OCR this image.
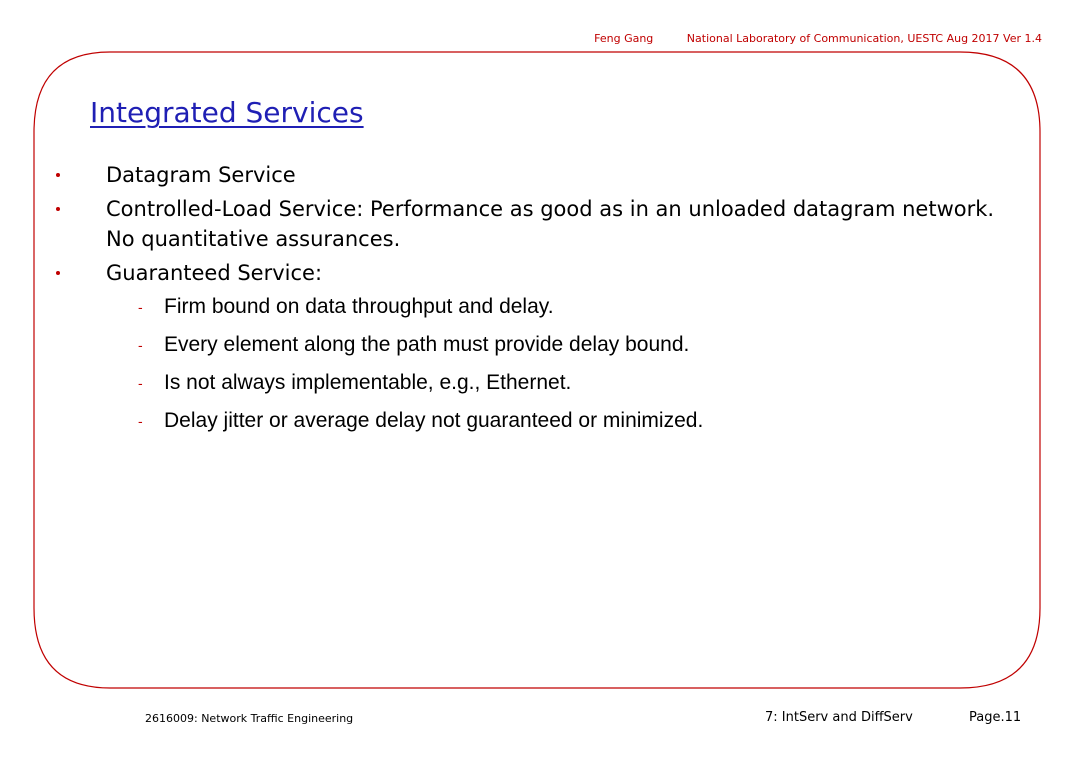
Feng Gang	National Laboratory of Communication, UESTC Aug 2017 Ver 1.4
Integrated Services
Datagram Service
Controlled-Load Service: Performance as good as in an unloaded datagram network. No quantitative assurances.
Guaranteed Service:
- Firm bound on data throughput and delay.
- Every element along the path must provide delay bound.
- Is not always implementable, e.g., Ethernet.
- Delay jitter or average delay not guaranteed or minimized.
2616009: Network Traffic Engineering	7: IntServ and DiffServ	Page.11
